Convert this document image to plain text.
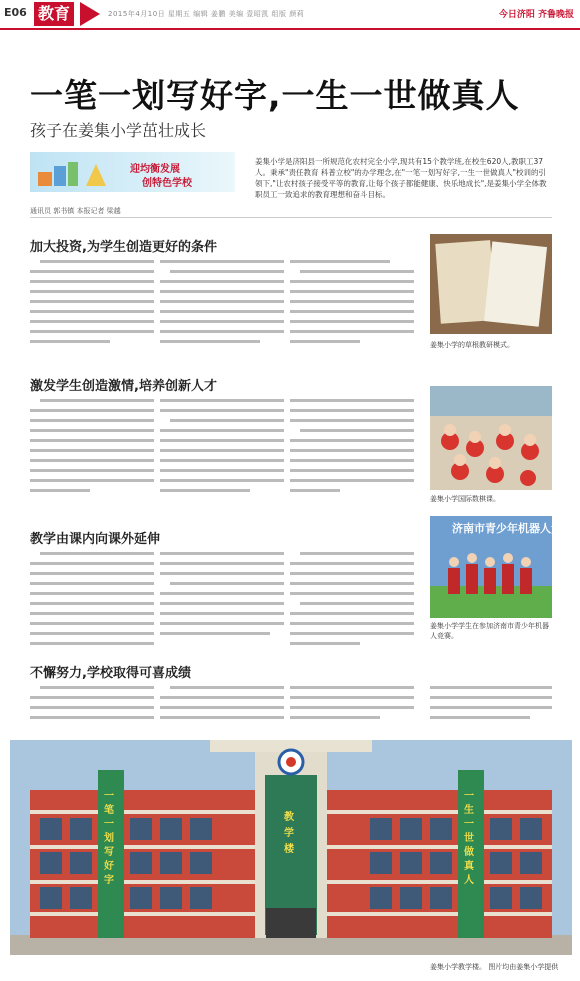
E06 教育	2015年4月10日 星期五 编辑 姜鹏 美编 壹昭凯 组版 颜莉	今日济阳 齐鲁晚报
一笔一划写好字,一生一世做真人
孩子在姜集小学茁壮成长
迎均衡发展
创特色学校
姜集小学是济阳县一所规范化农村完全小学,现共有15个教学班,在校生620人,教职工37人。秉承"责任教育 科普立校"的办学理念,在"一笔一划写好字,一生一世做真人"校训的引领下,"让农村孩子接受平等的教育,让每个孩子都能健康、快乐地成长",是姜集小学全体教职员工一致追求的教育理想和奋斗目标。
通讯员 郭书镇 本报记者 梁越
加大投资,为学生创造更好的条件
姜集小学的草根教研模式。
激发学生创造激情,培养创新人才
姜集小学国际数棋课。
教学由课内向课外延伸
济南市青少年机器人竞赛
姜集小学学生在参加济南市青少年机器人竞赛。
不懈努力,学校取得可喜成绩
一笔一划写好字
一生一世做真人
教学楼
姜集小学教学楼。 图片均由姜集小学提供
